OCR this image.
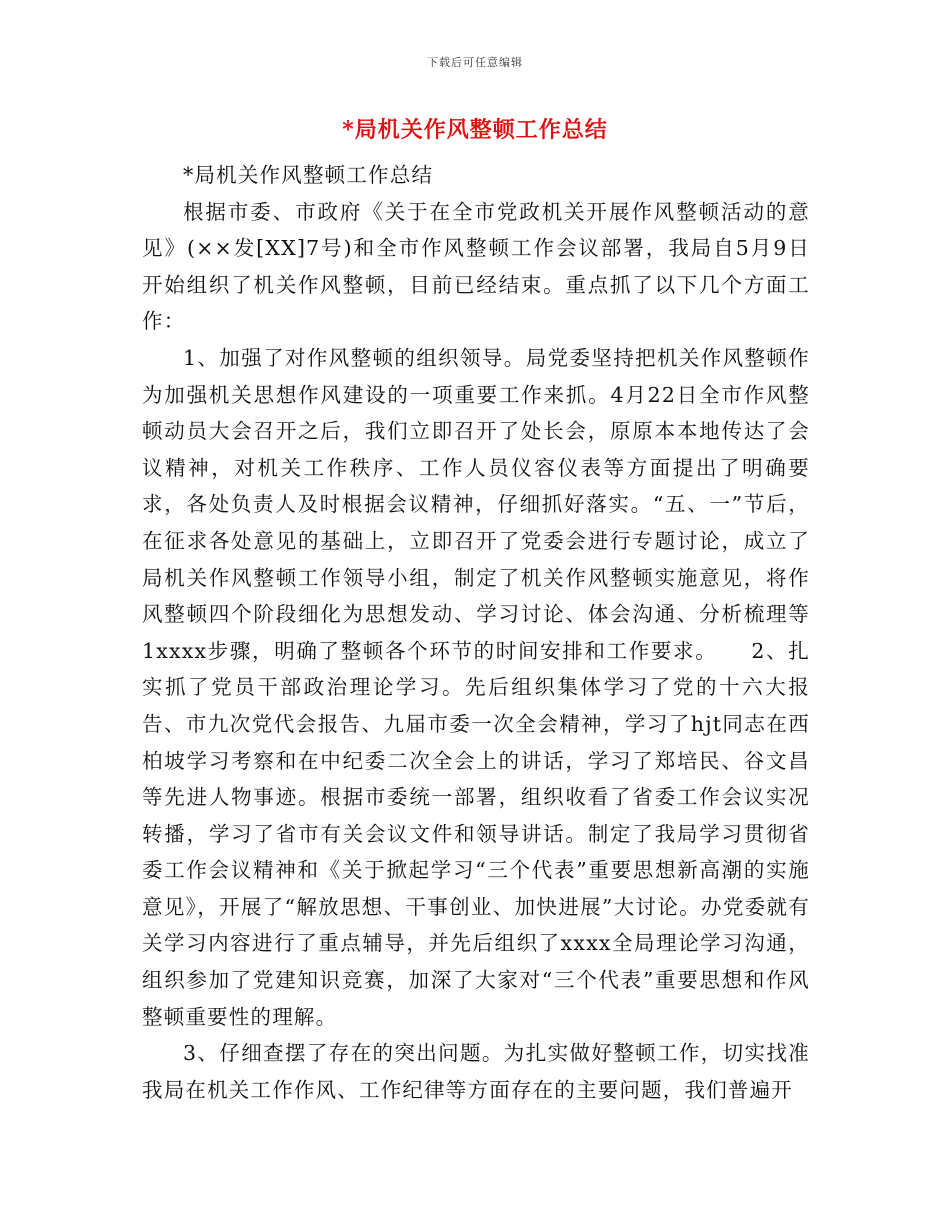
下载后可任意编辑
*局机关作风整顿工作总结

*局机关作风整顿工作总结

根据市委、市政府《关于在全市党政机关开展作风整顿活动的意见》(××发[XX]7号)和全市作风整顿工作会议部署，我局自5月9日开始组织了机关作风整顿，目前已经结束。重点抓了以下几个方面工作：

1、加强了对作风整顿的组织领导。局党委坚持把机关作风整顿作为加强机关思想作风建设的一项重要工作来抓。4月22日全市作风整顿动员大会召开之后，我们立即召开了处长会，原原本本地传达了会议精神，对机关工作秩序、工作人员仪容仪表等方面提出了明确要求，各处负责人及时根据会议精神，仔细抓好落实。“五、一”节后，在征求各处意见的基础上，立即召开了党委会进行专题讨论，成立了局机关作风整顿工作领导小组，制定了机关作风整顿实施意见，将作风整顿四个阶段细化为思想发动、学习讨论、体会沟通、分析梳理等1xxxx步骤，明确了整顿各个环节的时间安排和工作要求。　　2、扎实抓了党员干部政治理论学习。先后组织集体学习了党的十六大报告、市九次党代会报告、九届市委一次全会精神，学习了hjt同志在西柏坡学习考察和在中纪委二次全会上的讲话，学习了郑培民、谷文昌等先进人物事迹。根据市委统一部署，组织收看了省委工作会议实况转播，学习了省市有关会议文件和领导讲话。制定了我局学习贯彻省委工作会议精神和《关于掀起学习“三个代表”重要思想新高潮的实施意见》，开展了“解放思想、干事创业、加快进展”大讨论。办党委就有关学习内容进行了重点辅导，并先后组织了xxxx全局理论学习沟通，组织参加了党建知识竞赛，加深了大家对“三个代表”重要思想和作风整顿重要性的理解。

3、仔细查摆了存在的突出问题。为扎实做好整顿工作，切实找准我局在机关工作作风、工作纪律等方面存在的主要问题，我们普遍开
